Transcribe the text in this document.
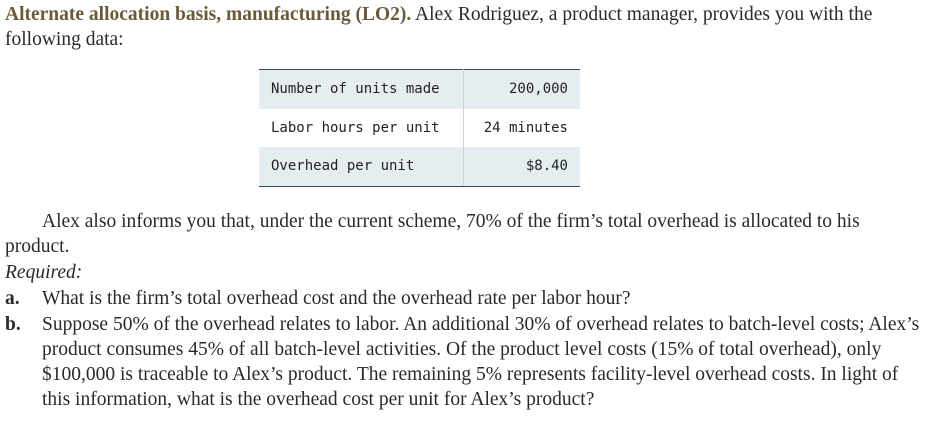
Alternate allocation basis, manufacturing (LO2). Alex Rodriguez, a product manager, provides you with the following data:

Number of units made	200,000
Labor hours per unit	24 minutes
Overhead per unit	$8.40

Alex also informs you that, under the current scheme, 70% of the firm’s total overhead is allocated to his product.

Required:

a. What is the firm’s total overhead cost and the overhead rate per labor hour?
b. Suppose 50% of the overhead relates to labor. An additional 30% of overhead relates to batch-level costs; Alex’s product consumes 45% of all batch-level activities. Of the product level costs (15% of total overhead), only $100,000 is traceable to Alex’s product. The remaining 5% represents facility-level overhead costs. In light of this information, what is the overhead cost per unit for Alex’s product?
